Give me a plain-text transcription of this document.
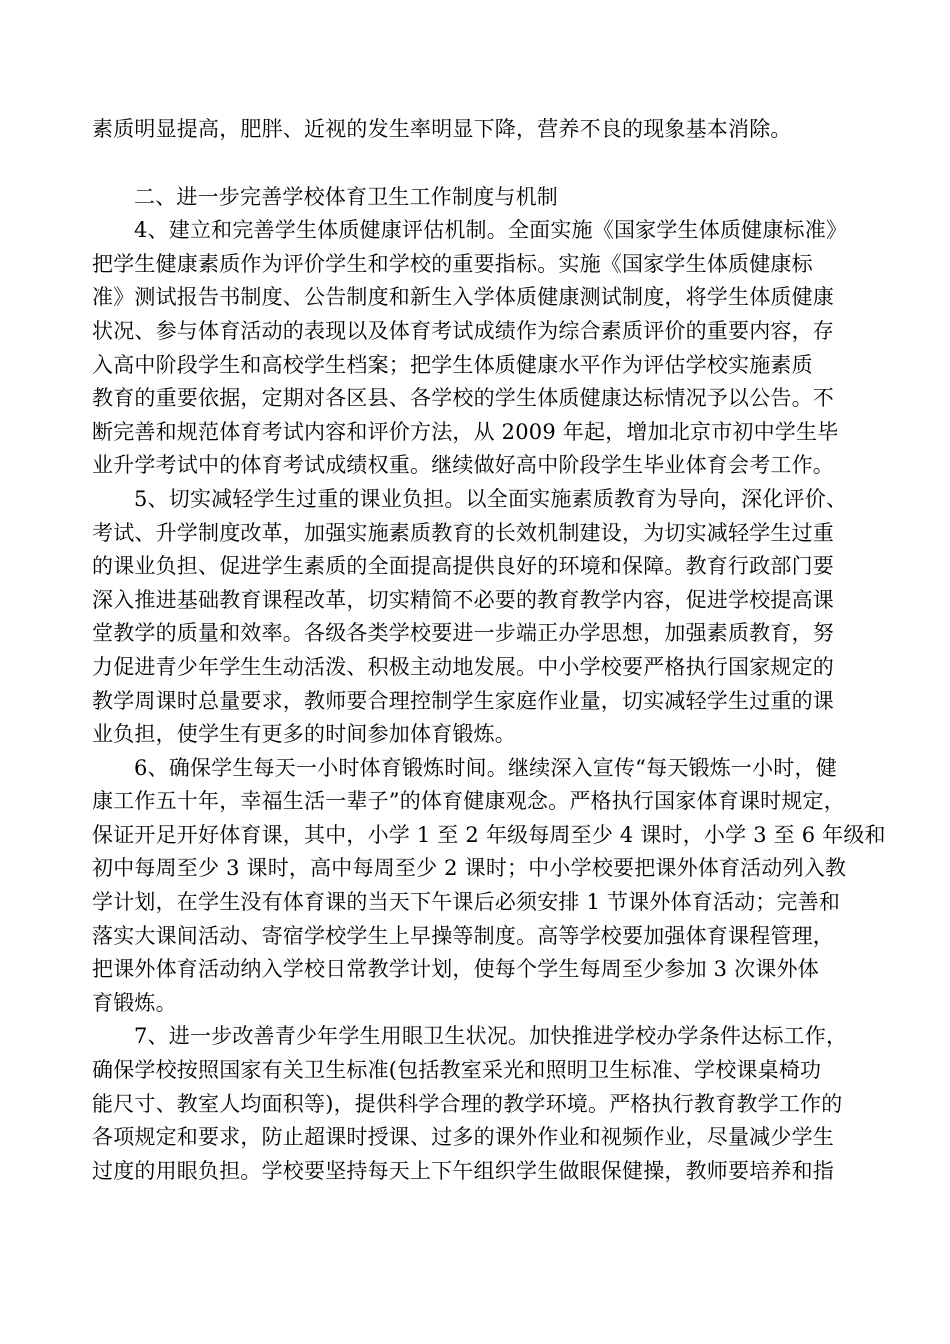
素质明显提高，肥胖、近视的发生率明显下降，营养不良的现象基本消除。

二、进一步完善学校体育卫生工作制度与机制

4、建立和完善学生体质健康评估机制。全面实施《国家学生体质健康标准》

把学生健康素质作为评价学生和学校的重要指标。实施《国家学生体质健康标

准》测试报告书制度、公告制度和新生入学体质健康测试制度，将学生体质健康

状况、参与体育活动的表现以及体育考试成绩作为综合素质评价的重要内容，存

入高中阶段学生和高校学生档案；把学生体质健康水平作为评估学校实施素质

教育的重要依据，定期对各区县、各学校的学生体质健康达标情况予以公告。不

断完善和规范体育考试内容和评价方法，从 2009 年起，增加北京市初中学生毕

业升学考试中的体育考试成绩权重。继续做好高中阶段学生毕业体育会考工作。

5、切实减轻学生过重的课业负担。以全面实施素质教育为导向，深化评价、

考试、升学制度改革，加强实施素质教育的长效机制建设，为切实减轻学生过重

的课业负担、促进学生素质的全面提高提供良好的环境和保障。教育行政部门要

深入推进基础教育课程改革，切实精简不必要的教育教学内容，促进学校提高课

堂教学的质量和效率。各级各类学校要进一步端正办学思想，加强素质教育，努

力促进青少年学生生动活泼、积极主动地发展。中小学校要严格执行国家规定的

教学周课时总量要求，教师要合理控制学生家庭作业量，切实减轻学生过重的课

业负担，使学生有更多的时间参加体育锻炼。

6、确保学生每天一小时体育锻炼时间。继续深入宣传“每天锻炼一小时，健

康工作五十年，幸福生活一辈子”的体育健康观念。严格执行国家体育课时规定，

保证开足开好体育课，其中，小学 1 至 2 年级每周至少 4 课时，小学 3 至 6 年级和

初中每周至少 3 课时，高中每周至少 2 课时；中小学校要把课外体育活动列入教

学计划，在学生没有体育课的当天下午课后必须安排 1 节课外体育活动；完善和

落实大课间活动、寄宿学校学生上早操等制度。高等学校要加强体育课程管理，

把课外体育活动纳入学校日常教学计划，使每个学生每周至少参加 3 次课外体

育锻炼。

7、进一步改善青少年学生用眼卫生状况。加快推进学校办学条件达标工作，

确保学校按照国家有关卫生标准(包括教室采光和照明卫生标准、学校课桌椅功

能尺寸、教室人均面积等)，提供科学合理的教学环境。严格执行教育教学工作的

各项规定和要求，防止超课时授课、过多的课外作业和视频作业，尽量减少学生

过度的用眼负担。学校要坚持每天上下午组织学生做眼保健操，教师要培养和指
